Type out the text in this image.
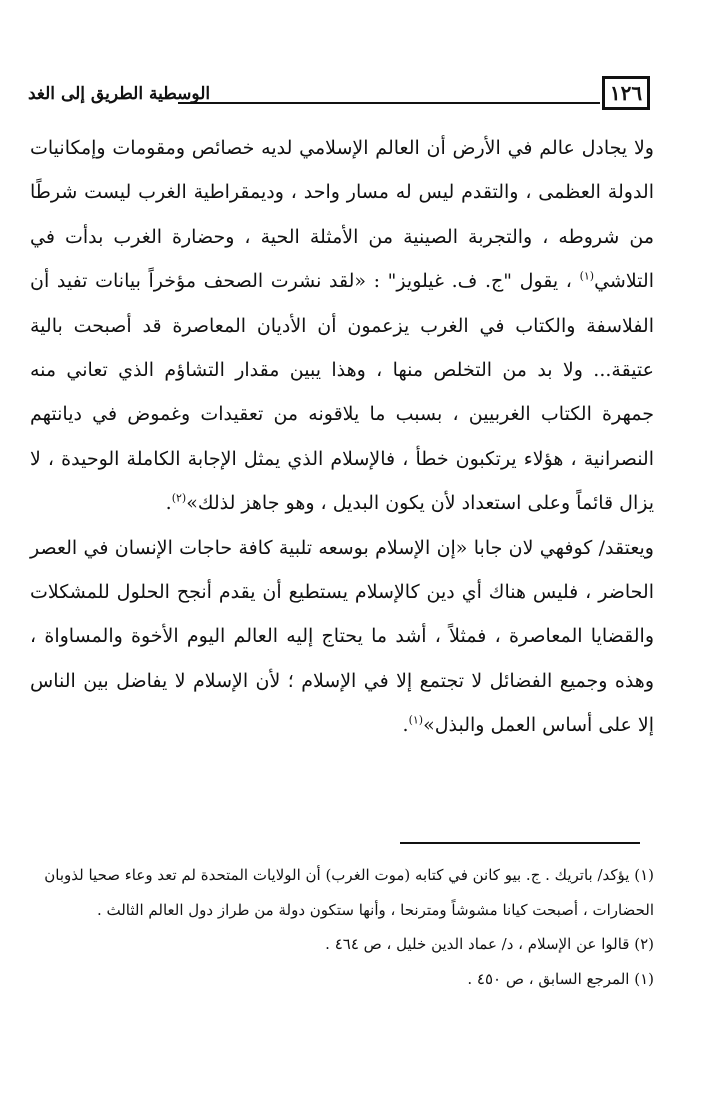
١٢٦
الوسطية الطريق إلى الغد

ولا يجادل عالم في الأرض أن العالم الإسلامي لديه خصائص ومقومات وإمكانيات الدولة العظمى ، والتقدم ليس له مسار واحد ، وديمقراطية الغرب ليست شرطًا من شروطه ، والتجربة الصينية من الأمثلة الحية ، وحضارة الغرب بدأت في التلاشي$^{(١)}$ ، يقول "ج. ف. غيلويز" : «لقد نشرت الصحف مؤخراً بيانات تفيد أن الفلاسفة والكتاب في الغرب يزعمون أن الأديان المعاصرة قد أصبحت بالية عتيقة... ولا بد من التخلص منها ، وهذا يبين مقدار التشاؤم الذي تعاني منه جمهرة الكتاب الغربيين ، بسبب ما يلاقونه من تعقيدات وغموض في ديانتهم النصرانية ، هؤلاء يرتكبون خطأ ، فالإسلام الذي يمثل الإجابة الكاملة الوحيدة ، لا يزال قائماً وعلى استعداد لأن يكون البديل ، وهو جاهز لذلك»$^{(٢)}$.

ويعتقد/ كوفهي لان جابا «إن الإسلام بوسعه تلبية كافة حاجات الإنسان في العصر الحاضر ، فليس هناك أي دين كالإسلام يستطيع أن يقدم أنجح الحلول للمشكلات والقضايا المعاصرة ، فمثلاً ، أشد ما يحتاج إليه العالم اليوم الأخوة والمساواة ، وهذه وجميع الفضائل لا تجتمع إلا في الإسلام ؛ لأن الإسلام لا يفاضل بين الناس إلا على أساس العمل والبذل»$^{(١)}$.

(١) يؤكد/ باتريك . ج. بيو كانن في كتابه (موت الغرب) أن الولايات المتحدة لم تعد وعاء صحيا لذوبان الحضارات ، أصبحت كيانا مشوشاً ومترنحا ، وأنها ستكون دولة من طراز دول العالم الثالث .

(٢) قالوا عن الإسلام ، د/ عماد الدين خليل ، ص ٤٦٤ .

(١) المرجع السابق ، ص ٤٥٠ .
